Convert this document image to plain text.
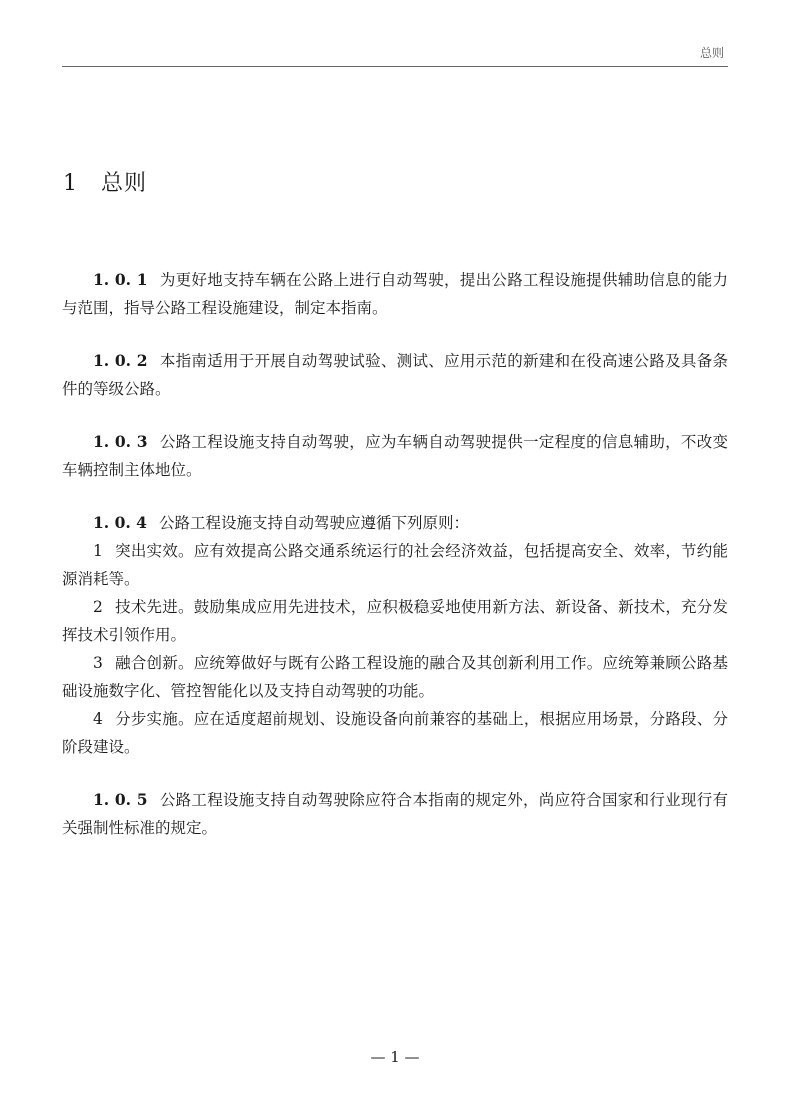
总则
1 总则

1. 0. 1 为更好地支持车辆在公路上进行自动驾驶，提出公路工程设施提供辅助信息的能力与范围，指导公路工程设施建设，制定本指南。

1. 0. 2 本指南适用于开展自动驾驶试验、测试、应用示范的新建和在役高速公路及具备条件的等级公路。

1. 0. 3 公路工程设施支持自动驾驶，应为车辆自动驾驶提供一定程度的信息辅助，不改变车辆控制主体地位。

1. 0. 4 公路工程设施支持自动驾驶应遵循下列原则：

1 突出实效。应有效提高公路交通系统运行的社会经济效益，包括提高安全、效率，节约能源消耗等。

2 技术先进。鼓励集成应用先进技术，应积极稳妥地使用新方法、新设备、新技术，充分发挥技术引领作用。

3 融合创新。应统筹做好与既有公路工程设施的融合及其创新利用工作。应统筹兼顾公路基础设施数字化、管控智能化以及支持自动驾驶的功能。

4 分步实施。应在适度超前规划、设施设备向前兼容的基础上，根据应用场景，分路段、分阶段建设。

1. 0. 5 公路工程设施支持自动驾驶除应符合本指南的规定外，尚应符合国家和行业现行有关强制性标准的规定。

— 1 —
